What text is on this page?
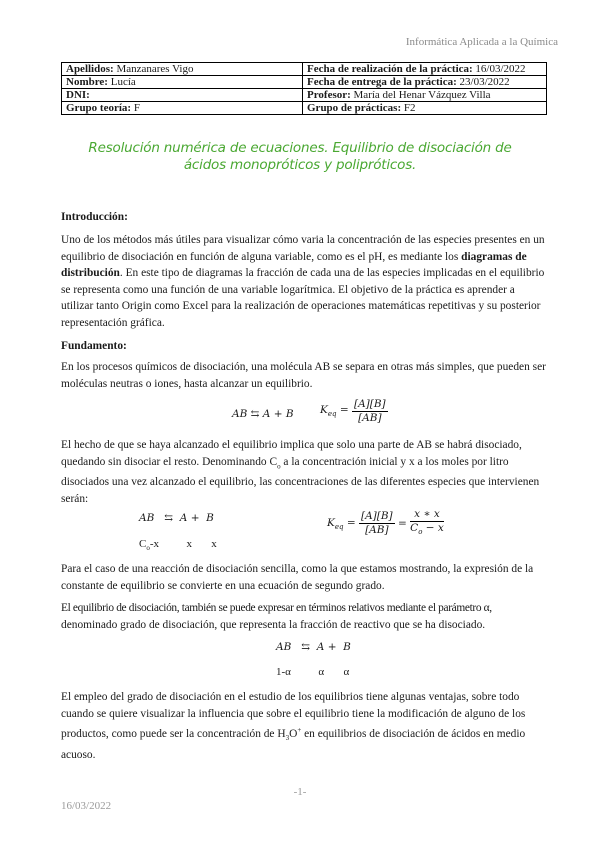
Informática Aplicada a la Química
Apellidos: Manzanares Vigo	Fecha de realización de la práctica: 16/03/2022
Nombre: Lucía	Fecha de entrega de la práctica: 23/03/2022
DNI:	Profesor: María del Henar Vázquez Villa
Grupo teoría: F	Grupo de prácticas: F2
Resolución numérica de ecuaciones. Equilibrio de disociación de
ácidos monopróticos y polipróticos.
Introducción:
Uno de los métodos más útiles para visualizar cómo varia la concentración de las especies presentes en un equilibrio de disociación en función de alguna variable, como es el pH, es mediante los diagramas de distribución. En este tipo de diagramas la fracción de cada una de las especies implicadas en el equilibrio se representa como una función de una variable logarítmica. El objetivo de la práctica es aprender a utilizar tanto Origin como Excel para la realización de operaciones matemáticas repetitivas y su posterior representación gráfica.
Fundamento:
En los procesos químicos de disociación, una molécula AB se separa en otras más simples, que pueden ser moléculas neutras o iones, hasta alcanzar un equilibrio.
AB ⇆ A + B	$K_{eq} = \frac{[A][B]}{[AB]}$
El hecho de que se haya alcanzado el equilibrio implica que solo una parte de AB se habrá disociado, quedando sin disociar el resto. Denominando $C_o$ a la concentración inicial y x a los moles por litro disociados una vez alcanzado el equilibrio, las concentraciones de las diferentes especies que intervienen serán:
AB   ⇆  A +  B
$C_o-x$          x       x
$K_{eq} = \frac{[A][B]}{[AB]} = \frac{x ∗ x}{C_o - x}$
Para el caso de una reacción de disociación sencilla, como la que estamos mostrando, la expresión de la constante de equilibrio se convierte en una ecuación de segundo grado.
El equilibrio de disociación, también se puede expresar en términos relativos mediante el parámetro α,
denominado grado de disociación, que representa la fracción de reactivo que se ha disociado.
AB   ⇆  A +  B
1-α          α       α
El empleo del grado de disociación en el estudio de los equilibrios tiene algunas ventajas, sobre todo cuando se quiere visualizar la influencia que sobre el equilibrio tiene la modificación de alguno de los productos, como puede ser la concentración de $H_3O^+$ en equilibrios de disociación de ácidos en medio acuoso.
-1-
16/03/2022
